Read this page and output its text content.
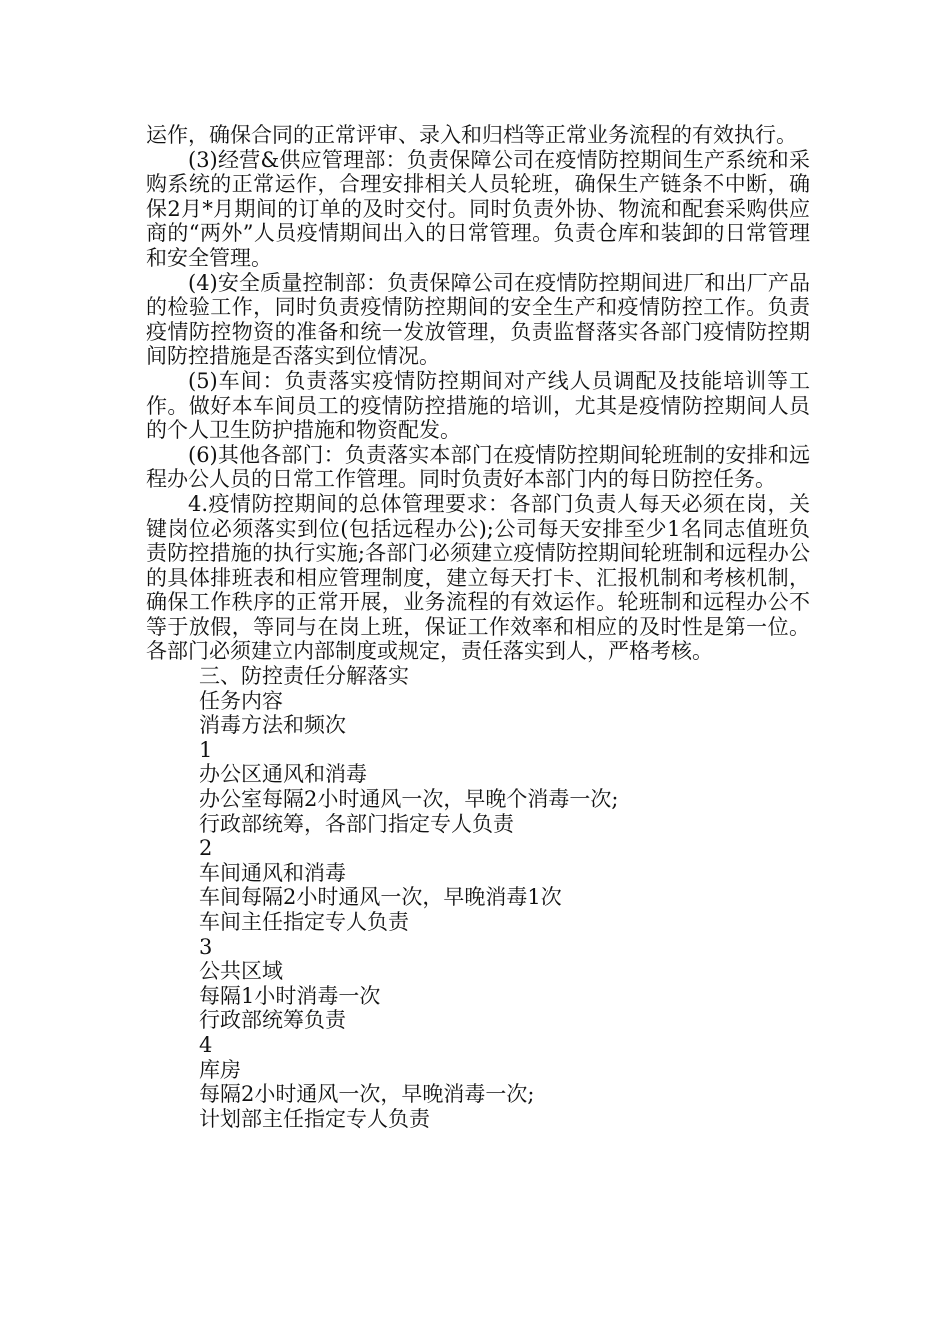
运作，确保合同的正常评审、录入和归档等正常业务流程的有效执行。

(3)经营&供应管理部：负责保障公司在疫情防控期间生产系统和采购系统的正常运作，合理安排相关人员轮班，确保生产链条不中断，确保2月*月期间的订单的及时交付。同时负责外协、物流和配套采购供应商的“两外”人员疫情期间出入的日常管理。负责仓库和装卸的日常管理和安全管理。

(4)安全质量控制部：负责保障公司在疫情防控期间进厂和出厂产品的检验工作，同时负责疫情防控期间的安全生产和疫情防控工作。负责疫情防控物资的准备和统一发放管理，负责监督落实各部门疫情防控期间防控措施是否落实到位情况。

(5)车间：负责落实疫情防控期间对产线人员调配及技能培训等工作。做好本车间员工的疫情防控措施的培训，尤其是疫情防控期间人员的个人卫生防护措施和物资配发。

(6)其他各部门：负责落实本部门在疫情防控期间轮班制的安排和远程办公人员的日常工作管理。同时负责好本部门内的每日防控任务。

4.疫情防控期间的总体管理要求：各部门负责人每天必须在岗，关键岗位必须落实到位(包括远程办公);公司每天安排至少1名同志值班负责防控措施的执行实施;各部门必须建立疫情防控期间轮班制和远程办公的具体排班表和相应管理制度，建立每天打卡、汇报机制和考核机制，确保工作秩序的正常开展，业务流程的有效运作。轮班制和远程办公不等于放假，等同与在岗上班，保证工作效率和相应的及时性是第一位。各部门必须建立内部制度或规定，责任落实到人，严格考核。

三、防控责任分解落实
任务内容
消毒方法和频次
1
办公区通风和消毒
办公室每隔2小时通风一次，早晚个消毒一次;
行政部统筹，各部门指定专人负责
2
车间通风和消毒
车间每隔2小时通风一次，早晚消毒1次
车间主任指定专人负责
3
公共区域
每隔1小时消毒一次
行政部统筹负责
4
库房
每隔2小时通风一次，早晚消毒一次;
计划部主任指定专人负责
